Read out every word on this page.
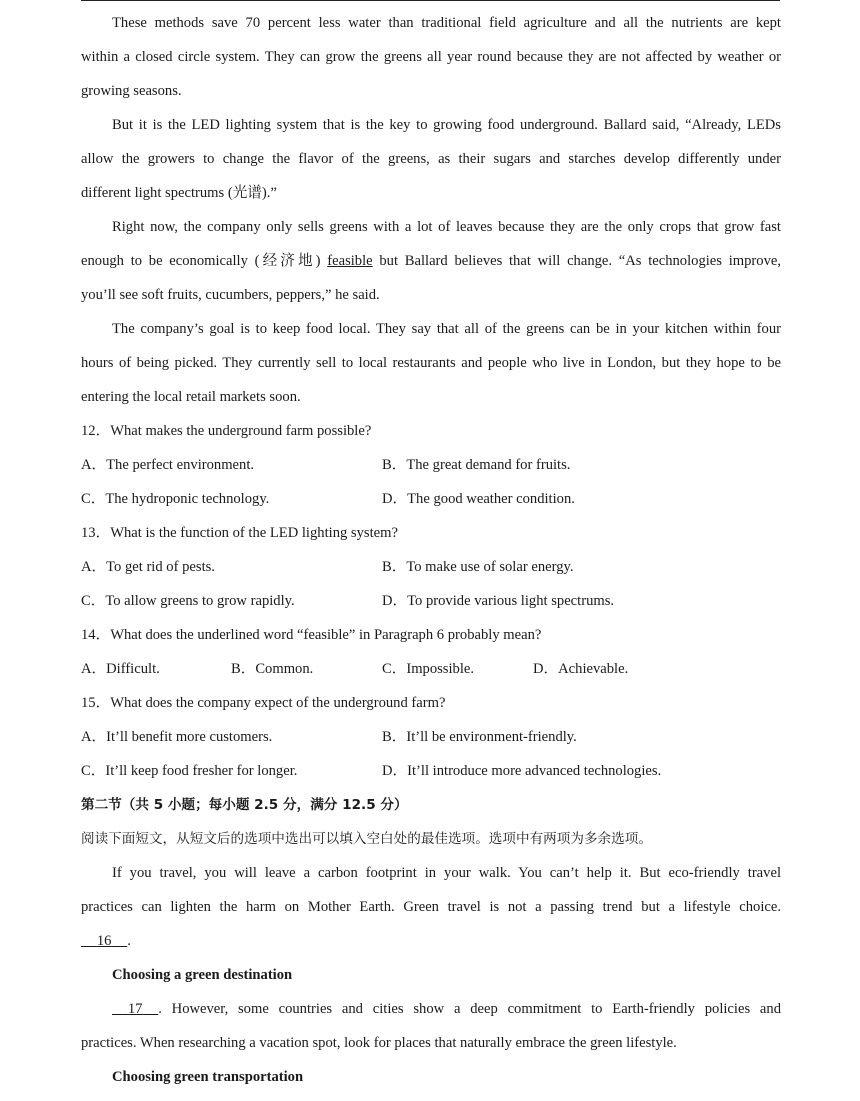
These methods save 70 percent less water than traditional field agriculture and all the nutrients are kept
within a closed circle system. They can grow the greens all year round because they are not affected by weather or
growing seasons.
But it is the LED lighting system that is the key to growing food underground. Ballard said, “Already, LEDs
allow the growers to change the flavor of the greens, as their sugars and starches develop differently under
different light spectrums (光谱).”
Right now, the company only sells greens with a lot of leaves because they are the only crops that grow fast
enough to be economically (经济地) feasible but Ballard believes that will change. “As technologies improve,
you’ll see soft fruits, cucumbers, peppers,” he said.
The company’s goal is to keep food local. They say that all of the greens can be in your kitchen within four
hours of being picked. They currently sell to local restaurants and people who live in London, but they hope to be
entering the local retail markets soon.
12．What makes the underground farm possible?
A．The perfect environment.	B．The great demand for fruits.
C．The hydroponic technology.	D．The good weather condition.
13．What is the function of the LED lighting system?
A．To get rid of pests.	B．To make use of solar energy.
C．To allow greens to grow rapidly.	D．To provide various light spectrums.
14．What does the underlined word “feasible” in Paragraph 6 probably mean?
A．Difficult.	B．Common.	C．Impossible.	D．Achievable.
15．What does the company expect of the underground farm?
A．It’ll benefit more customers.	B．It’ll be environment-friendly.
C．It’ll keep food fresher for longer.	D．It’ll introduce more advanced technologies.
第二节（共 5 小题；每小题 2.5 分，满分 12.5 分）
阅读下面短文，从短文后的选项中选出可以填入空白处的最佳选项。选项中有两项为多余选项。
If you travel, you will leave a carbon footprint in your walk. You can’t help it. But eco-friendly travel
practices can lighten the harm on Mother Earth. Green travel is not a passing trend but a lifestyle choice.
  16   .
Choosing a green destination
  17   . However, some countries and cities show a deep commitment to Earth-friendly policies and
practices. When researching a vacation spot, look for places that naturally embrace the green lifestyle.
Choosing green transportation
